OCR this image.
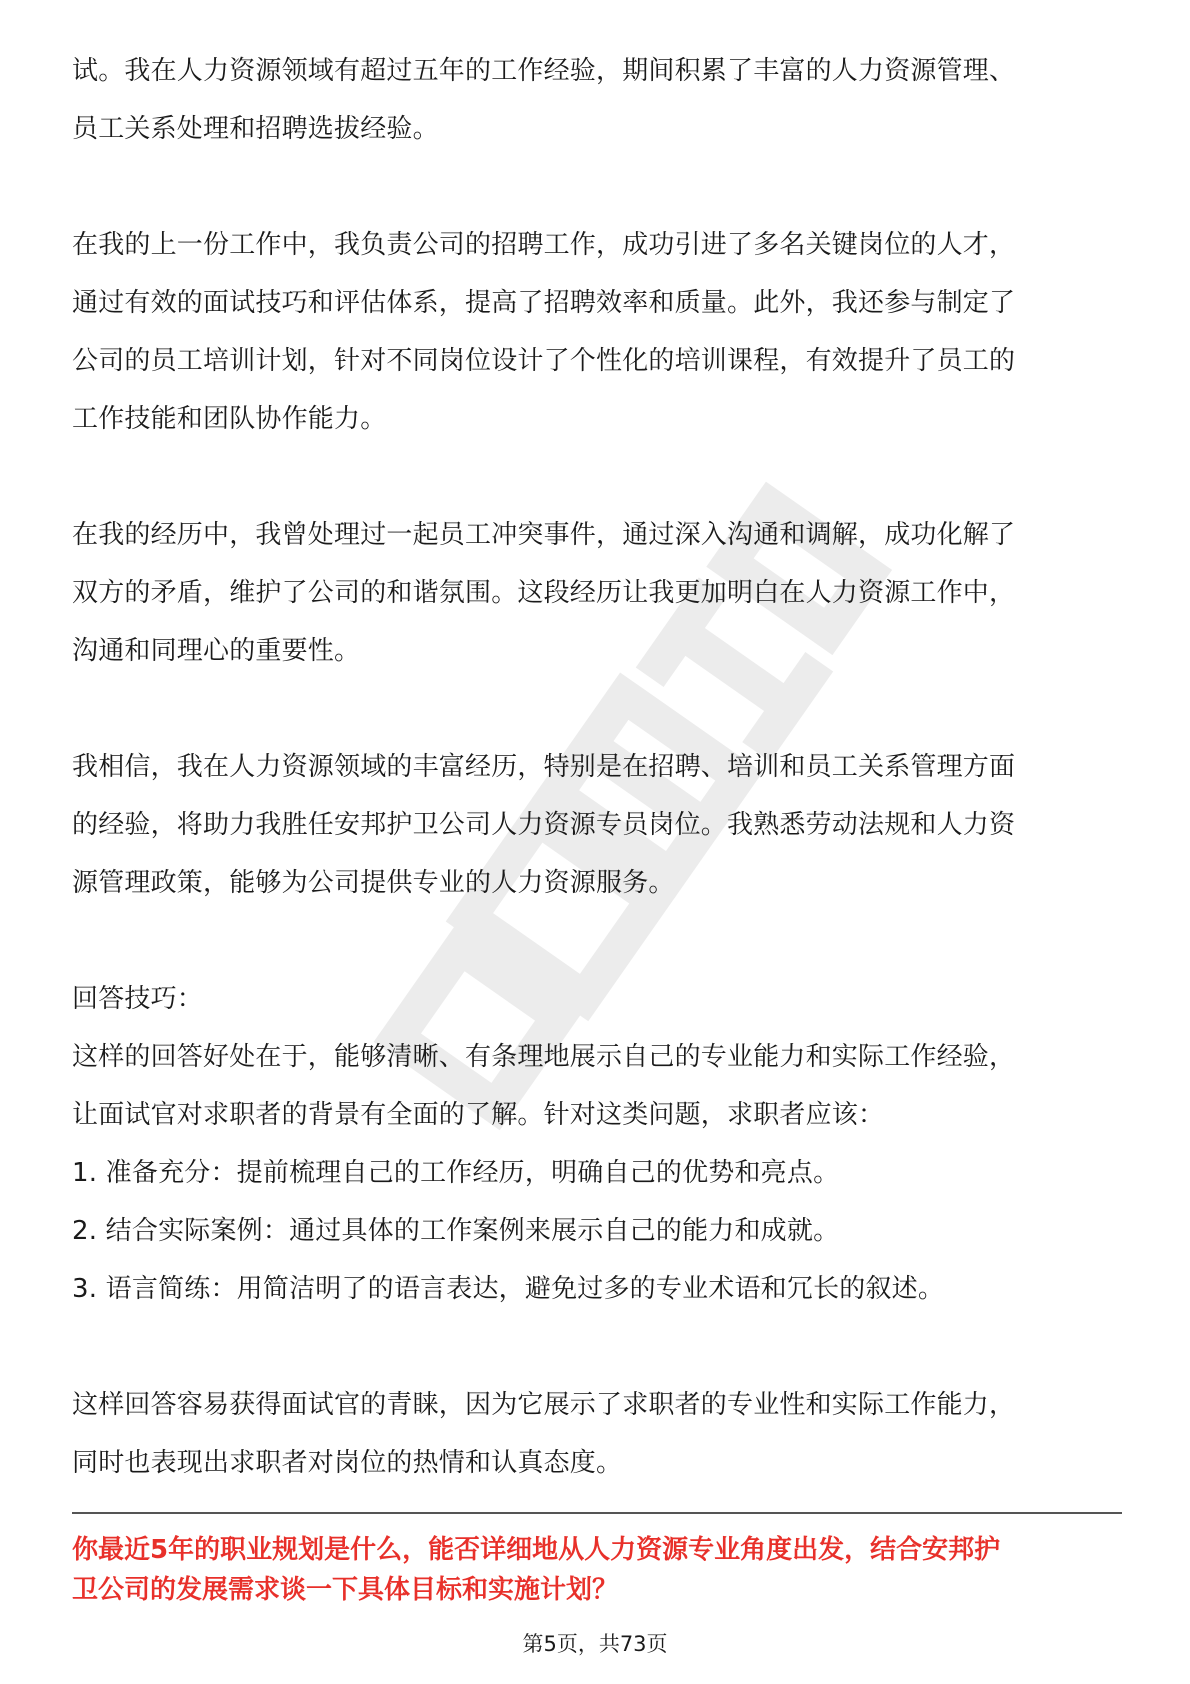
试。我在人力资源领域有超过五年的工作经验，期间积累了丰富的人力资源管理、
员工关系处理和招聘选拔经验。
在我的上一份工作中，我负责公司的招聘工作，成功引进了多名关键岗位的人才，
通过有效的面试技巧和评估体系，提高了招聘效率和质量。此外，我还参与制定了
公司的员工培训计划，针对不同岗位设计了个性化的培训课程，有效提升了员工的
工作技能和团队协作能力。
在我的经历中，我曾处理过一起员工冲突事件，通过深入沟通和调解，成功化解了
双方的矛盾，维护了公司的和谐氛围。这段经历让我更加明白在人力资源工作中，
沟通和同理心的重要性。
我相信，我在人力资源领域的丰富经历，特别是在招聘、培训和员工关系管理方面
的经验，将助力我胜任安邦护卫公司人力资源专员岗位。我熟悉劳动法规和人力资
源管理政策，能够为公司提供专业的人力资源服务。
回答技巧：
这样的回答好处在于，能够清晰、有条理地展示自己的专业能力和实际工作经验，
让面试官对求职者的背景有全面的了解。针对这类问题，求职者应该：
1. 准备充分：提前梳理自己的工作经历，明确自己的优势和亮点。
2. 结合实际案例：通过具体的工作案例来展示自己的能力和成就。
3. 语言简练：用简洁明了的语言表达，避免过多的专业术语和冗长的叙述。
这样回答容易获得面试官的青睐，因为它展示了求职者的专业性和实际工作能力，
同时也表现出求职者对岗位的热情和认真态度。
你最近5年的职业规划是什么，能否详细地从人力资源专业角度出发，结合安邦护
卫公司的发展需求谈一下具体目标和实施计划？
第5页，共73页
